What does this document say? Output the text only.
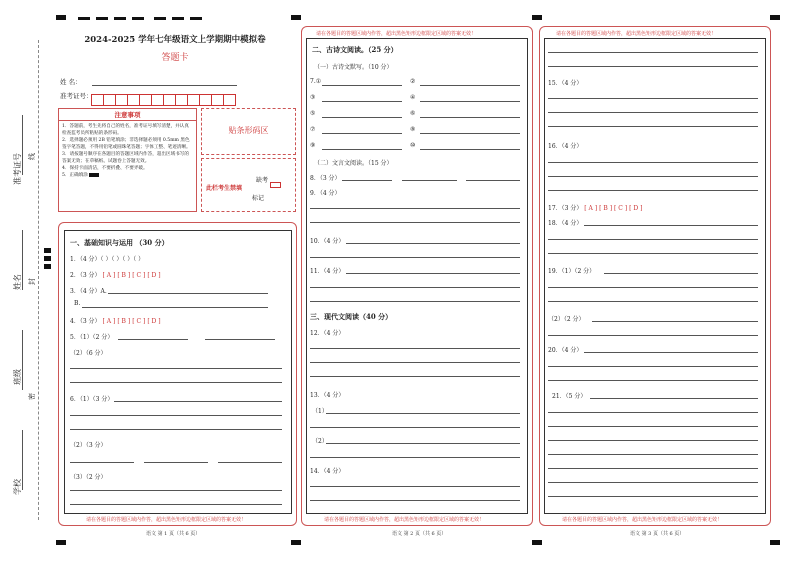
准考证号 线
姓名 封
班级
密
学校
2024-2025 学年七年级语文上学期期中模拟卷
答题卡
姓 名：
准考证号：
注意事项
1．答题前，考生先将自己的姓名，准考证号填写清楚，并认真检查监考员所粘贴的条形码。
2．选择题必须用 2B 铅笔填涂；非选择题必须用 0.5mm 黑色签字笔答题，不得用铅笔或圆珠笔答题；字体工整、笔迹清晰。
3．请按题号顺序在各题目的答题区域内作答，超出区域书写的答案无效；在草稿纸、试题卷上答题无效。
4．保持卡面清洁，不要折叠、不要弄破。
5．正确填涂
贴条形码区
此栏考生禁填
缺考
标记
一、基础知识与运用 （30 分）
1．（4 分）（ ）（ ）（ ）（ ）
2．（3 分） [ A ] [ B ] [ C ] [ D ]
3．（4 分）A.
B.
4．（3 分） [ A ] [ B ] [ C ] [ D ]
5．（1）（2 分）
（2）（6 分）
6．（1）（3 分）
（2）（3 分）
（3）（2 分）
请在各题目的答题区域内作答，超出黑色矩形边框限定区域的答案无效！
语文 第 1 页（共 6 页）
请在各题目的答题区域内作答，超出黑色矩形边框限定区域的答案无效！
二、古诗文阅读。（25 分）
（一）古诗文默写。（10 分）
7.①	②
③	④
⑤	⑥
⑦	⑧
⑨	⑩
（二）文言文阅读。（15 分）
8．（3 分）
9．（4 分）
10．（4 分）
11．（4 分）
三、现代文阅读（40 分）
12．（4 分）
13．（4 分）
（1）
（2）
14．（4 分）
请在各题目的答题区域内作答，超出黑色矩形边框限定区域的答案无效！
语文 第 2 页（共 6 页）
请在各题目的答题区域内作答，超出黑色矩形边框限定区域的答案无效！
15．（4 分）
16．（4 分）
17．（3 分） [ A ] [ B ] [ C ] [ D ]
18．（4 分）
19．（1）（2 分）
（2）（2 分）
20．（4 分）
21．（5 分）
请在各题目的答题区域内作答，超出黑色矩形边框限定区域的答案无效！
语文 第 3 页（共 6 页）
